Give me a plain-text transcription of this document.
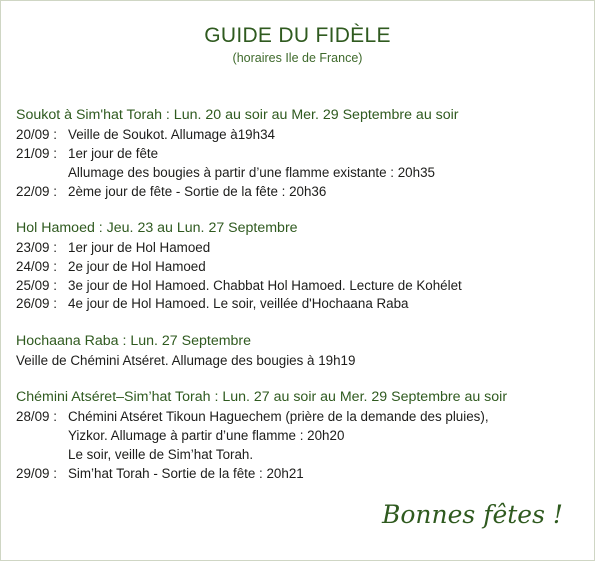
GUIDE DU FIDÈLE
(horaires Ile de France)
Soukot à Sim'hat Torah : Lun. 20 au soir au Mer. 29 Septembre au soir
20/09 : Veille de Soukot. Allumage à19h34
21/09 : 1er jour de fête
Allumage des bougies à partir d’une flamme existante : 20h35
22/09 : 2ème jour de fête - Sortie de la fête : 20h36
Hol Hamoed : Jeu. 23 au Lun. 27 Septembre
23/09 : 1er jour de Hol Hamoed
24/09 : 2e jour de Hol Hamoed
25/09 : 3e jour de Hol Hamoed. Chabbat Hol Hamoed. Lecture de Kohélet
26/09 : 4e jour de Hol Hamoed. Le soir, veillée d'Hochaana Raba
Hochaana Raba : Lun. 27 Septembre
Veille de Chémini Atséret. Allumage des bougies à 19h19
Chémini Atséret–Sim’hat Torah : Lun. 27 au soir au Mer. 29 Septembre au soir
28/09 : Chémini Atséret Tikoun Haguechem (prière de la demande des pluies),
Yizkor. Allumage à partir d’une flamme : 20h20
Le soir, veille de Sim’hat Torah.
29/09 : Sim’hat Torah - Sortie de la fête : 20h21
Bonnes fêtes !
